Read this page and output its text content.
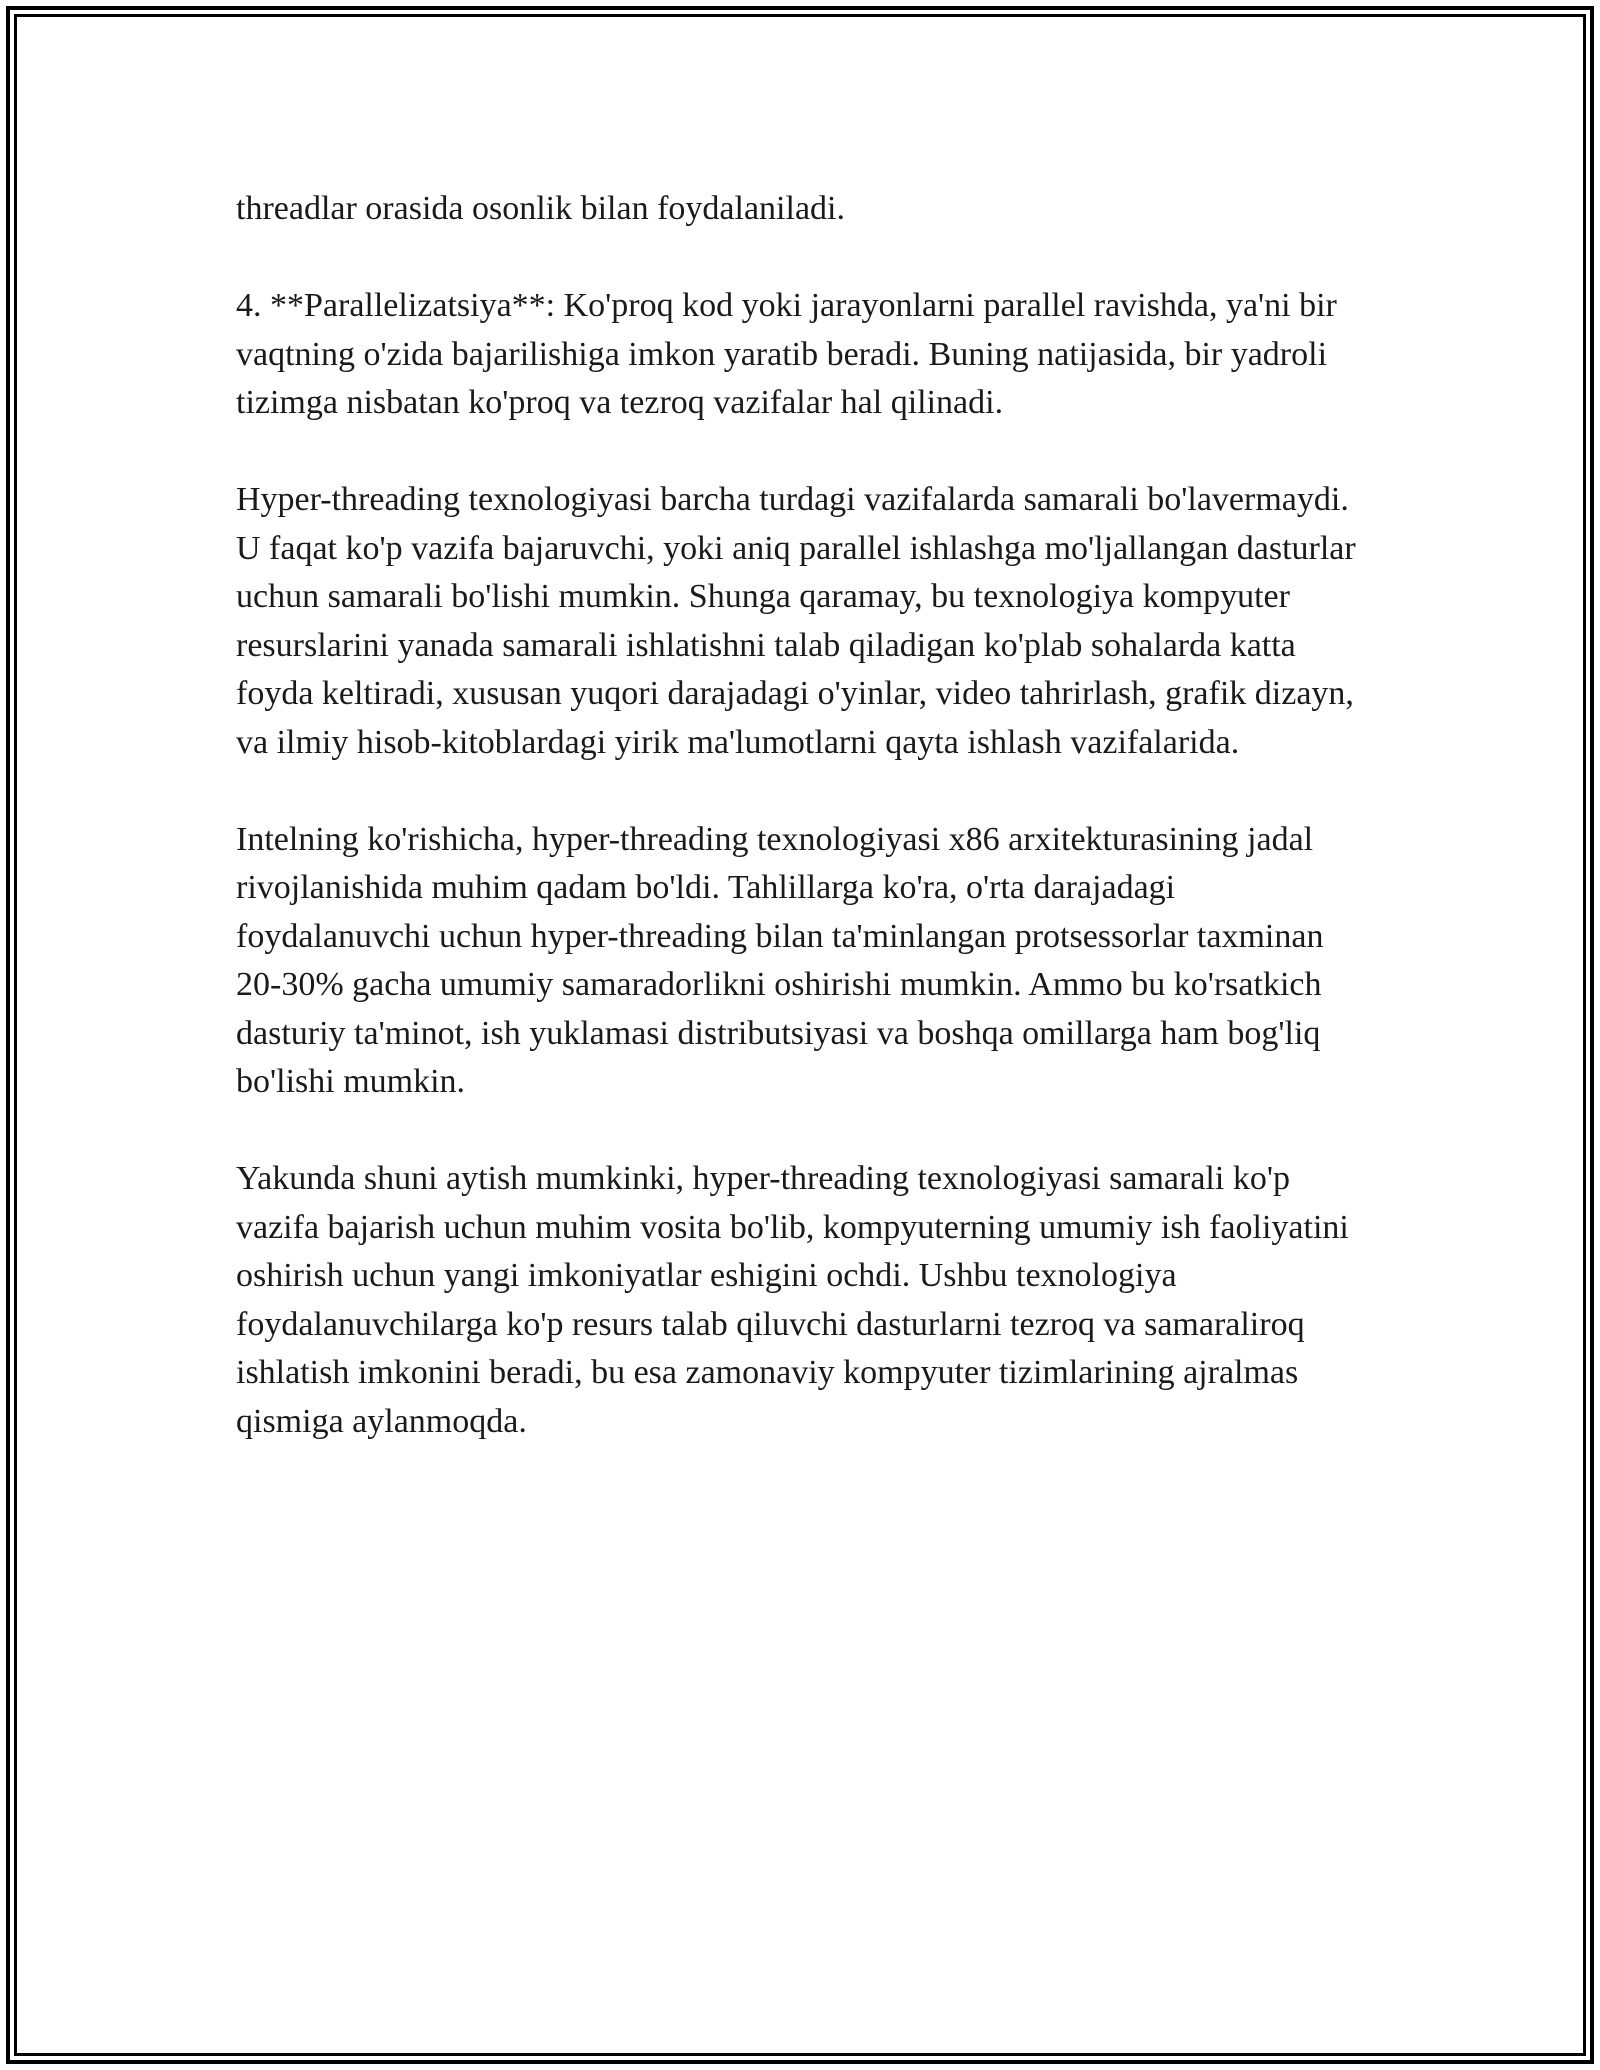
threadlar orasida osonlik bilan foydalaniladi.

4. **Parallelizatsiya**: Ko'proq kod yoki jarayonlarni parallel ravishda, ya'ni bir vaqtning o'zida bajarilishiga imkon yaratib beradi. Buning natijasida, bir yadroli tizimga nisbatan ko'proq va tezroq vazifalar hal qilinadi.

Hyper-threading texnologiyasi barcha turdagi vazifalarda samarali bo'lavermaydi. U faqat ko'p vazifa bajaruvchi, yoki aniq parallel ishlashga mo'ljallangan dasturlar uchun samarali bo'lishi mumkin. Shunga qaramay, bu texnologiya kompyuter resurslarini yanada samarali ishlatishni talab qiladigan ko'plab sohalarda katta foyda keltiradi, xususan yuqori darajadagi o'yinlar, video tahrirlash, grafik dizayn, va ilmiy hisob-kitoblardagi yirik ma'lumotlarni qayta ishlash vazifalarida.

Intelning ko'rishicha, hyper-threading texnologiyasi x86 arxitekturasining jadal rivojlanishida muhim qadam bo'ldi. Tahlillarga ko'ra, o'rta darajadagi foydalanuvchi uchun hyper-threading bilan ta'minlangan protsessorlar taxminan 20-30% gacha umumiy samaradorlikni oshirishi mumkin. Ammo bu ko'rsatkich dasturiy ta'minot, ish yuklamasi distributsiyasi va boshqa omillarga ham bog'liq bo'lishi mumkin.

Yakunda shuni aytish mumkinki, hyper-threading texnologiyasi samarali ko'p vazifa bajarish uchun muhim vosita bo'lib, kompyuterning umumiy ish faoliyatini oshirish uchun yangi imkoniyatlar eshigini ochdi. Ushbu texnologiya foydalanuvchilarga ko'p resurs talab qiluvchi dasturlarni tezroq va samaraliroq ishlatish imkonini beradi, bu esa zamonaviy kompyuter tizimlarining ajralmas qismiga aylanmoqda.
